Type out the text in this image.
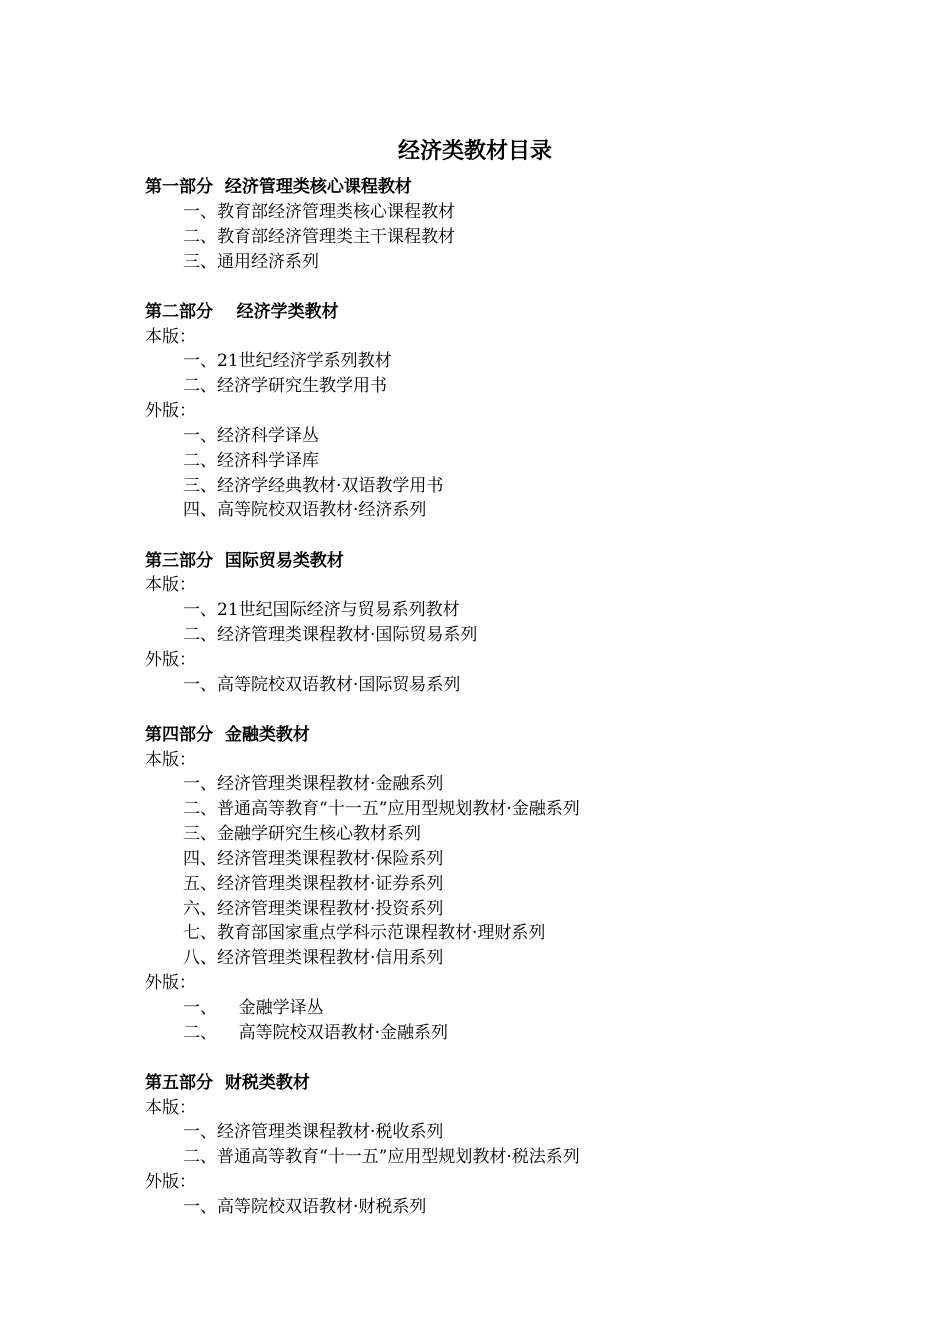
经济类教材目录
第一部分  经济管理类核心课程教材
一、教育部经济管理类核心课程教材
二、教育部经济管理类主干课程教材
三、通用经济系列
第二部分    经济学类教材
本版：
一、21世纪经济学系列教材
二、经济学研究生教学用书
外版：
一、经济科学译丛
二、经济科学译库
三、经济学经典教材·双语教学用书
四、高等院校双语教材·经济系列
第三部分  国际贸易类教材
本版：
一、21世纪国际经济与贸易系列教材
二、经济管理类课程教材·国际贸易系列
外版：
一、高等院校双语教材·国际贸易系列
第四部分  金融类教材
本版：
一、经济管理类课程教材·金融系列
二、普通高等教育“十一五”应用型规划教材·金融系列
三、金融学研究生核心教材系列
四、经济管理类课程教材·保险系列
五、经济管理类课程教材·证券系列
六、经济管理类课程教材·投资系列
七、教育部国家重点学科示范课程教材·理财系列
八、经济管理类课程教材·信用系列
外版：
一、    金融学译丛
二、    高等院校双语教材·金融系列
第五部分  财税类教材
本版：
一、经济管理类课程教材·税收系列
二、普通高等教育“十一五”应用型规划教材·税法系列
外版：
一、高等院校双语教材·财税系列
